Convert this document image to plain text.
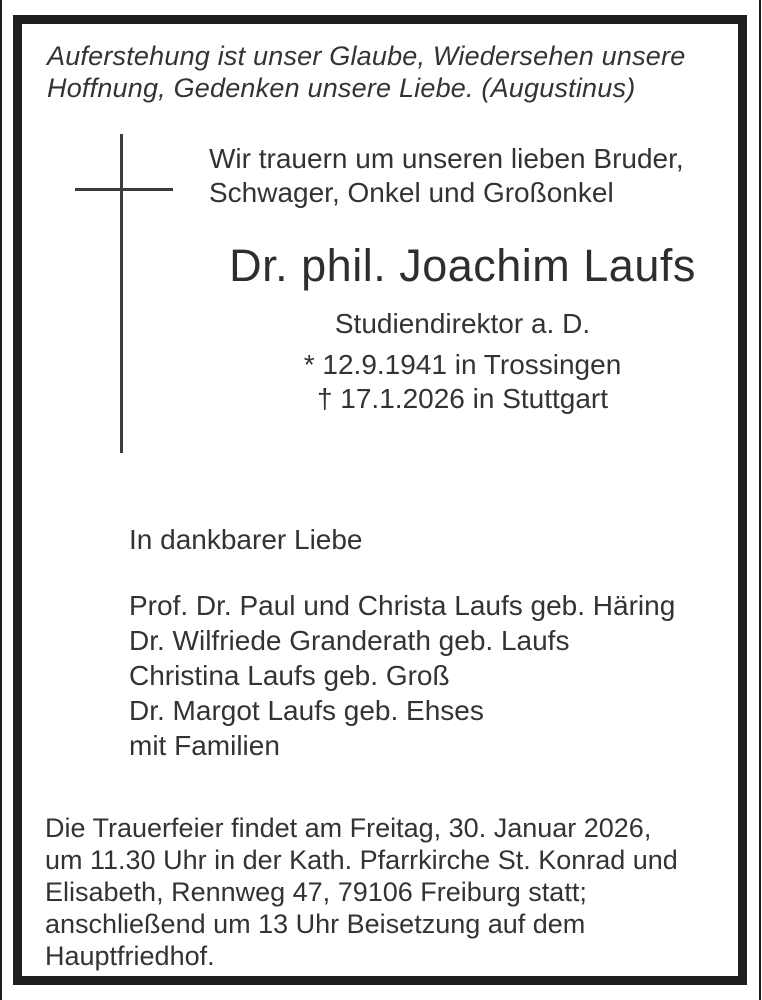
Auferstehung ist unser Glaube, Wiedersehen unsere
Hoffnung, Gedenken unsere Liebe. (Augustinus)
Wir trauern um unseren lieben Bruder,
Schwager, Onkel und Großonkel
Dr. phil. Joachim Laufs
Studiendirektor a. D.
* 12.9.1941 in Trossingen
† 17.1.2026 in Stuttgart
In dankbarer Liebe
Prof. Dr. Paul und Christa Laufs geb. Häring
Dr. Wilfriede Granderath geb. Laufs
Christina Laufs geb. Groß
Dr. Margot Laufs geb. Ehses
mit Familien
Die Trauerfeier findet am Freitag, 30. Januar 2026,
um 11.30 Uhr in der Kath. Pfarrkirche St. Konrad und
Elisabeth, Rennweg 47, 79106 Freiburg statt;
anschließend um 13 Uhr Beisetzung auf dem
Hauptfriedhof.
